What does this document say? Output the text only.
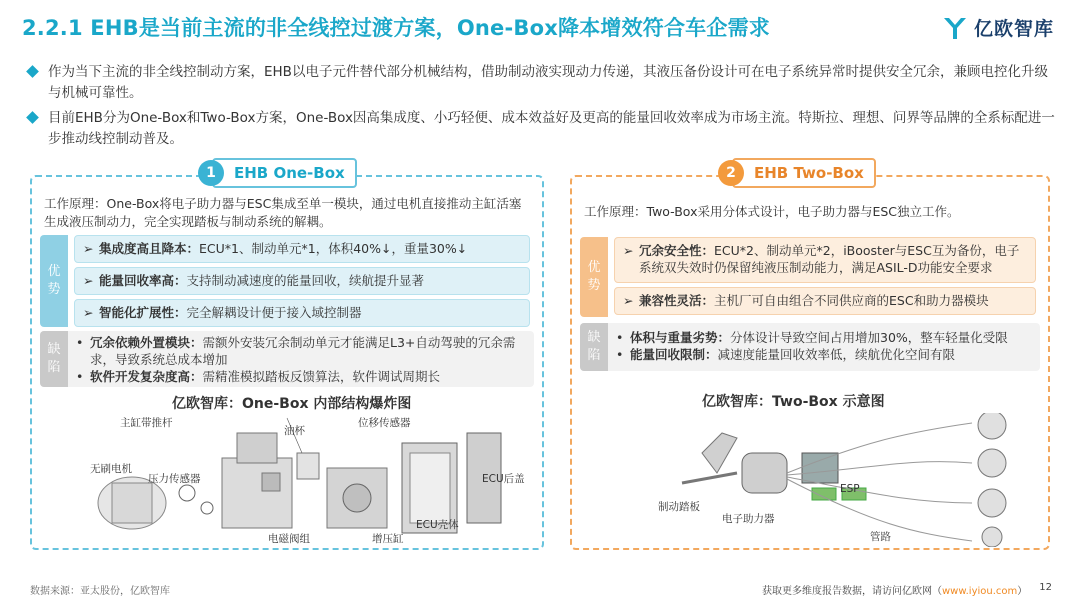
2.2.1 EHB是当前主流的非全线控过渡方案，One-Box降本增效符合车企需求	亿欧智库
作为当下主流的非全线控制动方案，EHB以电子元件替代部分机械结构，借助制动液实现动力传递，其液压备份设计可在电子系统异常时提供安全冗余，兼顾电控化升级与机械可靠性。
目前EHB分为One-Box和Two-Box方案，One-Box因高集成度、小巧轻便、成本效益好及更高的能量回收效率成为市场主流。特斯拉、理想、问界等品牌的全系标配进一步推动线控制动普及。
1	EHB One-Box
工作原理：One-Box将电子助力器与ESC集成至单一模块，通过电机直接推动主缸活塞生成液压制动力，完全实现踏板与制动系统的解耦。
优
势
➢ 集成度高且降本：ECU*1、制动单元*1，体积40%↓，重量30%↓
➢ 能量回收率高：支持制动减速度的能量回收，续航提升显著
➢ 智能化扩展性：完全解耦设计便于接入域控制器
缺
陷
• 冗余依赖外置模块：需额外安装冗余制动单元才能满足L3+自动驾驶的冗余需求，导致系统总成本增加
• 软件开发复杂度高：需精准模拟踏板反馈算法，软件调试周期长
亿欧智库：One-Box 内部结构爆炸图
主缸带推杆
油杯
位移传感器
无刷电机
压力传感器	ECU后盖
ECU壳体
电磁阀组	增压缸
2	EHB Two-Box
工作原理：Two-Box采用分体式设计，电子助力器与ESC独立工作。
优
势
➢ 冗余安全性：ECU*2、制动单元*2，iBooster与ESC互为备份，电子系统双失效时仍保留纯液压制动能力，满足ASIL-D功能安全要求
➢ 兼容性灵活：主机厂可自由组合不同供应商的ESC和助力器模块
缺
陷
• 体积与重量劣势：分体设计导致空间占用增加30%，整车轻量化受限
• 能量回收限制：减速度能量回收效率低，续航优化空间有限
亿欧智库：Two-Box 示意图
制动踏板
电子助力器
ESP
管路
数据来源：亚太股份，亿欧智库	获取更多维度报告数据，请访问亿欧网（www.iyiou.com） 12
